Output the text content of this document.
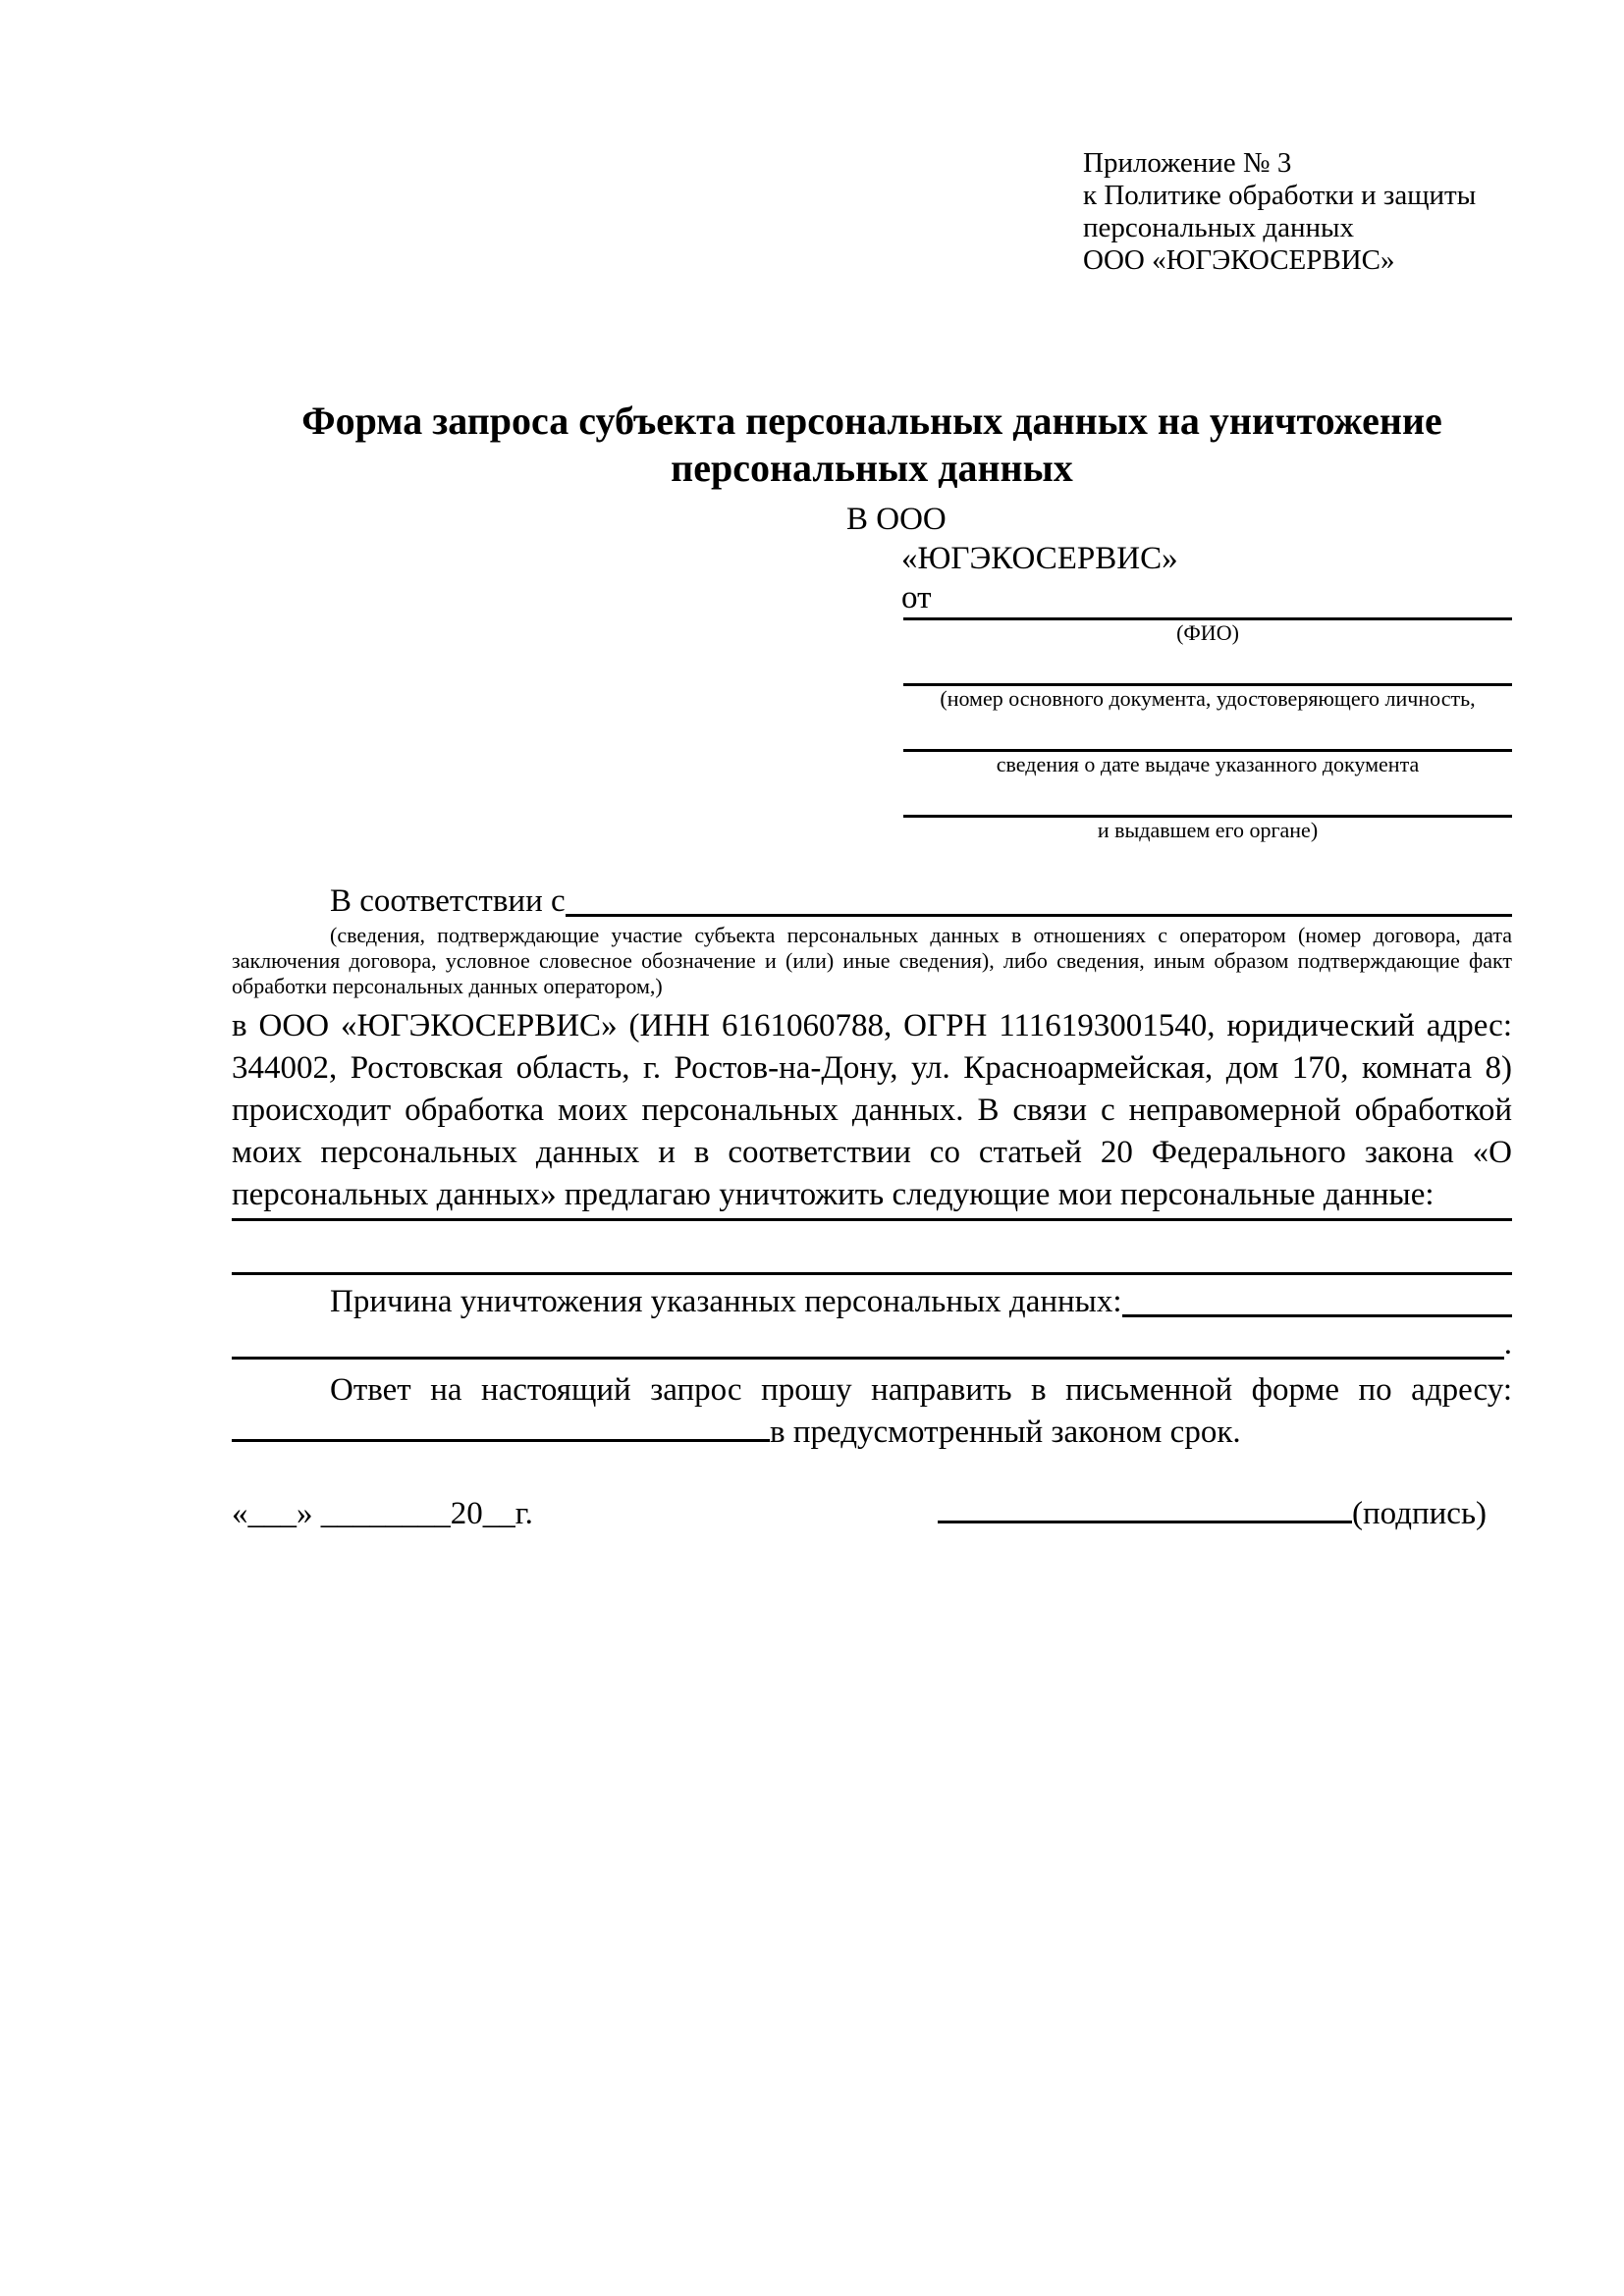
Приложение № 3
к Политике обработки и защиты
персональных данных
ООО «ЮГЭКОСЕРВИС»
Форма запроса субъекта персональных данных на уничтожение персональных данных
В ООО
«ЮГЭКОСЕРВИС»
от
(ФИО)
(номер основного документа, удостоверяющего личность,
сведения о дате выдаче указанного документа
и выдавшем его органе)
В соответствии с
(сведения, подтверждающие участие субъекта персональных данных в отношениях с оператором (номер договора, дата заключения договора, условное словесное обозначение и (или) иные сведения), либо сведения, иным образом подтверждающие факт обработки персональных данных оператором,)
в ООО «ЮГЭКОСЕРВИС» (ИНН 6161060788, ОГРН 1116193001540, юридический адрес: 344002, Ростовская область, г. Ростов-на-Дону, ул. Красноармейская, дом 170, комната 8) происходит обработка моих персональных данных. В связи с неправомерной обработкой моих персональных данных и в соответствии со статьей 20 Федерального закона «О персональных данных» предлагаю уничтожить следующие мои персональные данные:
Причина уничтожения указанных персональных данных:
.
Ответ на настоящий запрос прошу направить в письменной форме по адресу: в предусмотренный законом срок.
«___» ________20__г.	(подпись)
